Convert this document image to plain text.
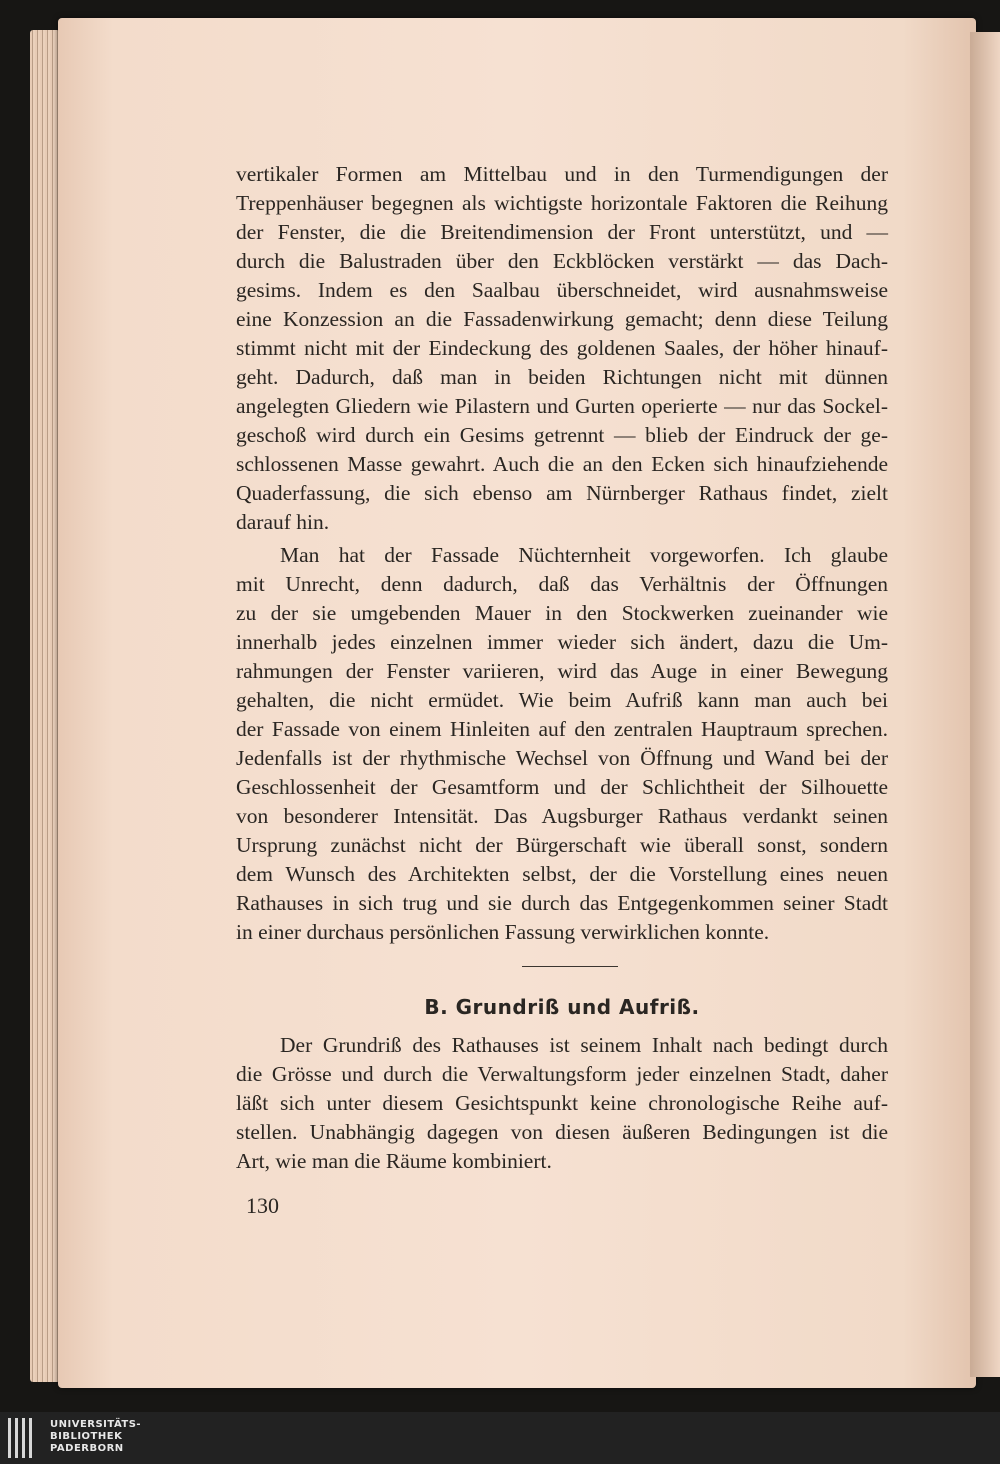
vertikaler Formen am Mittelbau und in den Turmendigungen der
Treppenhäuser begegnen als wichtigste horizontale Faktoren die Reihung
der Fenster, die die Breitendimension der Front unterstützt, und —
durch die Balustraden über den Eckblöcken verstärkt — das Dach-
gesims. Indem es den Saalbau überschneidet, wird ausnahmsweise
eine Konzession an die Fassadenwirkung gemacht; denn diese Teilung
stimmt nicht mit der Eindeckung des goldenen Saales, der höher hinauf-
geht. Dadurch, daß man in beiden Richtungen nicht mit dünnen
angelegten Gliedern wie Pilastern und Gurten operierte — nur das Sockel-
geschoß wird durch ein Gesims getrennt — blieb der Eindruck der ge-
schlossenen Masse gewahrt. Auch die an den Ecken sich hinaufziehende
Quaderfassung, die sich ebenso am Nürnberger Rathaus findet, zielt
darauf hin.
Man hat der Fassade Nüchternheit vorgeworfen. Ich glaube
mit Unrecht, denn dadurch, daß das Verhältnis der Öffnungen
zu der sie umgebenden Mauer in den Stockwerken zueinander wie
innerhalb jedes einzelnen immer wieder sich ändert, dazu die Um-
rahmungen der Fenster variieren, wird das Auge in einer Bewegung
gehalten, die nicht ermüdet. Wie beim Aufriß kann man auch bei
der Fassade von einem Hinleiten auf den zentralen Hauptraum sprechen.
Jedenfalls ist der rhythmische Wechsel von Öffnung und Wand bei der
Geschlossenheit der Gesamtform und der Schlichtheit der Silhouette
von besonderer Intensität. Das Augsburger Rathaus verdankt seinen
Ursprung zunächst nicht der Bürgerschaft wie überall sonst, sondern
dem Wunsch des Architekten selbst, der die Vorstellung eines neuen
Rathauses in sich trug und sie durch das Entgegenkommen seiner Stadt
in einer durchaus persönlichen Fassung verwirklichen konnte.
B. Grundriß und Aufriß.
Der Grundriß des Rathauses ist seinem Inhalt nach bedingt durch
die Grösse und durch die Verwaltungsform jeder einzelnen Stadt, daher
läßt sich unter diesem Gesichtspunkt keine chronologische Reihe auf-
stellen. Unabhängig dagegen von diesen äußeren Bedingungen ist die
Art, wie man die Räume kombiniert.
130
UNIVERSITÄTS-
BIBLIOTHEK
PADERBORN
